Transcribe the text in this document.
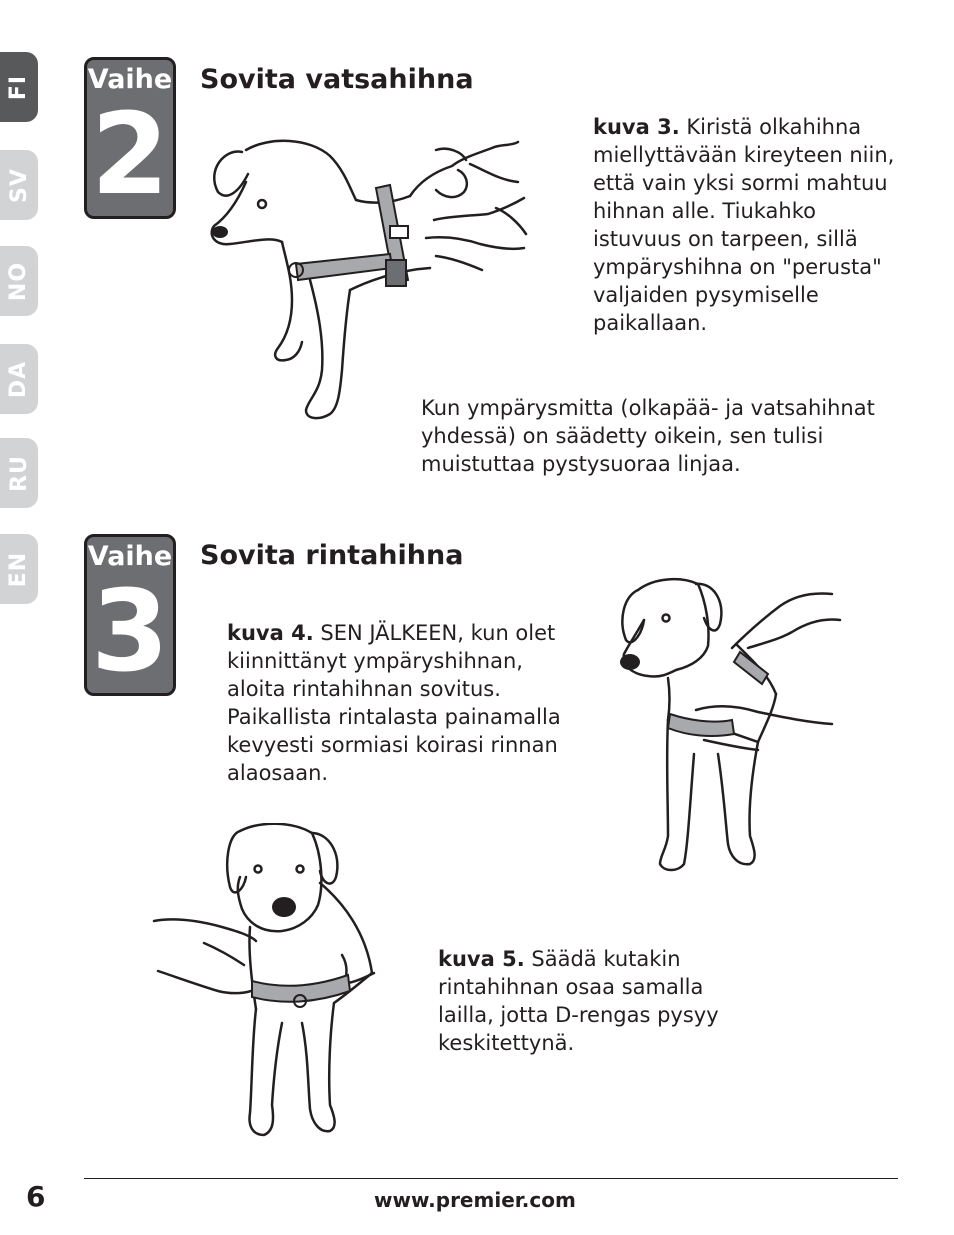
FI
SV
NO
DA
RU
EN
Vaihe
2
Sovita vatsahihna
kuva 3. Kiristä olkahihna miellyttävään kireyteen niin, että vain yksi sormi mahtuu hihnan alle. Tiukahko istuvuus on tarpeen, sillä ympäryshihna on "perusta" valjaiden pysymiselle paikallaan.
Kun ympärysmitta (olkapää- ja vatsahihnat yhdessä) on säädetty oikein, sen tulisi muistuttaa pystysuoraa linjaa.
Vaihe
3
Sovita rintahihna
kuva 4. SEN JÄLKEEN, kun olet kiinnittänyt ympäryshihnan, aloita rintahihnan sovitus. Paikallista rintalasta painamalla kevyesti sormiasi koirasi rinnan alaosaan.
kuva 5. Säädä kutakin rintahihnan osaa samalla lailla, jotta D-rengas pysyy keskitettynä.
6	www.premier.com
